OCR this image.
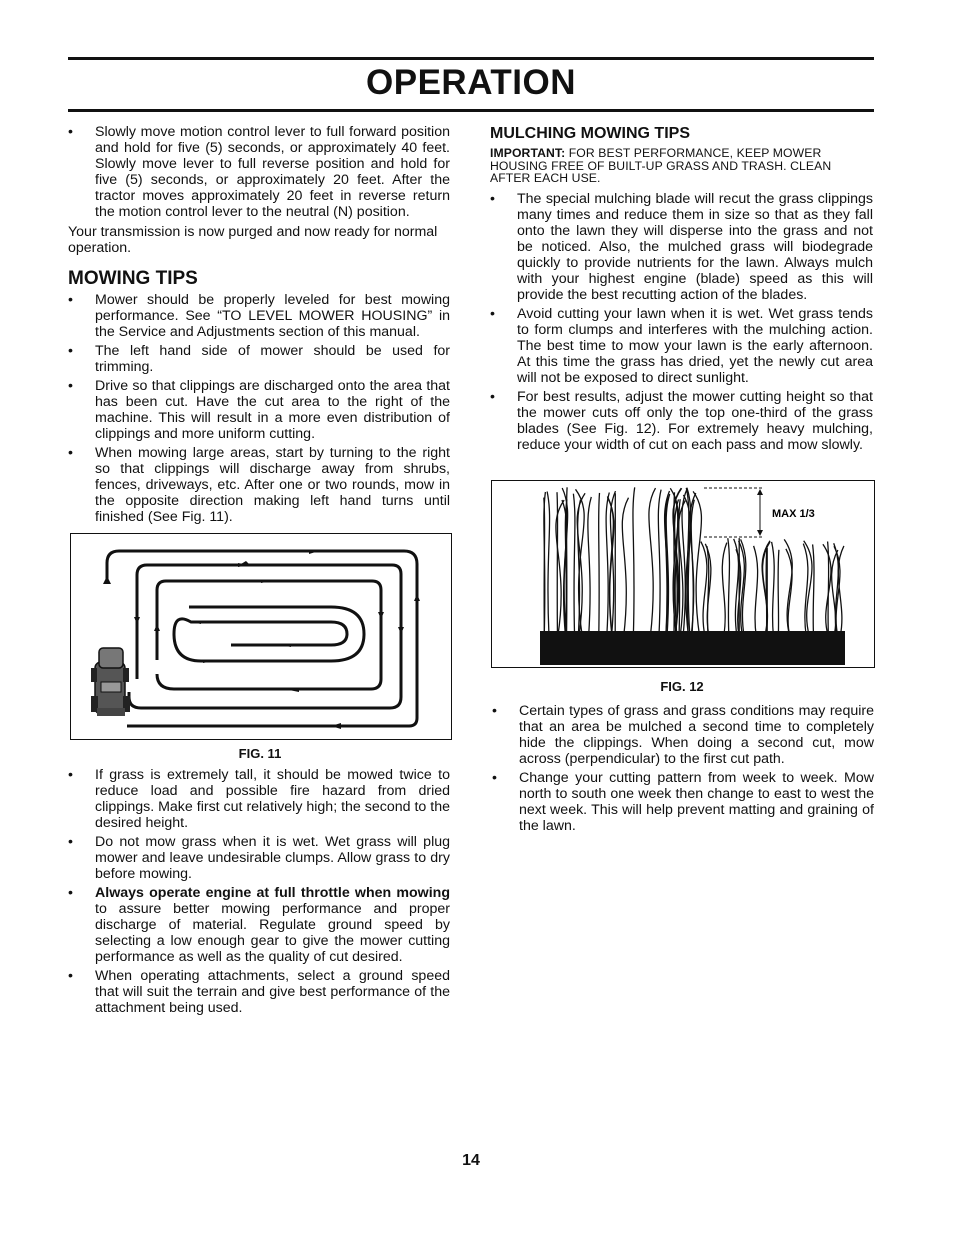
OPERATION
• Slowly move motion control lever to full forward position and hold for five (5) seconds, or approximately 40 feet. Slowly move lever to full reverse position and hold for five (5) seconds, or approximately 20 feet. After the tractor moves approximately 20 feet in reverse return the motion control lever to the neutral (N) position.

Your transmission is now purged and now ready for normal operation.

MOWING TIPS
• Mower should be properly leveled for best mowing performance. See “TO LEVEL MOWER HOUSING” in the Service and Adjustments section of this manual.
• The left hand side of mower should be used for trimming.
• Drive so that clippings are discharged onto the area that has been cut. Have the cut area to the right of the machine. This will result in a more even distribution of clippings and more uniform cutting.
• When mowing large areas, start by turning to the right so that clippings will discharge away from shrubs, fences, driveways, etc. After one or two rounds, mow in the opposite direction making left hand turns until finished (See Fig. 11).
FIG. 11
• If grass is extremely tall, it should be mowed twice to reduce load and possible fire hazard from dried clippings. Make first cut relatively high; the second to the desired height.
• Do not mow grass when it is wet. Wet grass will plug mower and leave undesirable clumps. Allow grass to dry before mowing.
• Always operate engine at full throttle when mowing to assure better mowing performance and proper discharge of material. Regulate ground speed by selecting a low enough gear to give the mower cutting performance as well as the quality of cut desired.
• When operating attachments, select a ground speed that will suit the terrain and give best performance of the attachment being used.
MULCHING MOWING TIPS

IMPORTANT: FOR BEST PERFORMANCE, KEEP MOWER HOUSING FREE OF BUILT-UP GRASS AND TRASH. CLEAN AFTER EACH USE.

• The special mulching blade will recut the grass clippings many times and reduce them in size so that as they fall onto the lawn they will disperse into the grass and not be noticed. Also, the mulched grass will biodegrade quickly to provide nutrients for the lawn. Always mulch with your highest engine (blade) speed as this will provide the best recutting action of the blades.
• Avoid cutting your lawn when it is wet. Wet grass tends to form clumps and interferes with the mulching action. The best time to mow your lawn is the early afternoon. At this time the grass has dried, yet the newly cut area will not be exposed to direct sunlight.
• For best results, adjust the mower cutting height so that the mower cuts off only the top one-third of the grass blades (See Fig. 12). For extremely heavy mulching, reduce your width of cut on each pass and mow slowly.
MAX 1/3
FIG. 12
• Certain types of grass and grass conditions may require that an area be mulched a second time to completely hide the clippings. When doing a second cut, mow across (perpendicular) to the first cut path.
• Change your cutting pattern from week to week. Mow north to south one week then change to east to west the next week. This will help prevent matting and graining of the lawn.
14
